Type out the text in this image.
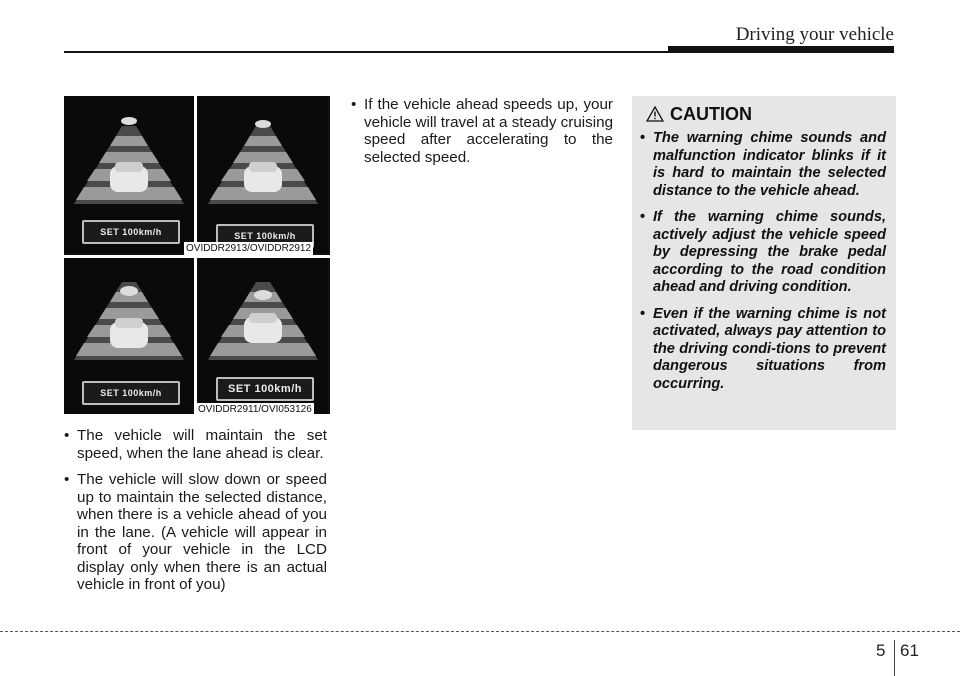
Driving your vehicle
SET 100km/h	SET 100km/h
SET 100km/h	SET 100km/h
OVIDDR2913/OVIDDR2912
OVIDDR2911/OVI053126
• The vehicle will maintain the set speed, when the lane ahead is clear.
• The vehicle will slow down or speed up to maintain the selected distance, when there is a vehicle ahead of you in the lane. (A vehicle will appear in front of your vehicle in the LCD display only when there is an actual vehicle in front of you)
• If the vehicle ahead speeds up, your vehicle will travel at a steady cruising speed after accelerating to the selected speed.
CAUTION
• The warning chime sounds and malfunction indicator blinks if it is hard to maintain the selected distance to the vehicle ahead.
• If the warning chime sounds, actively adjust the vehicle speed by depressing the brake pedal according to the road condition ahead and driving condition.
• Even if the warning chime is not activated, always pay attention to the driving condi-tions to prevent dangerous situations from occurring.
5 61
